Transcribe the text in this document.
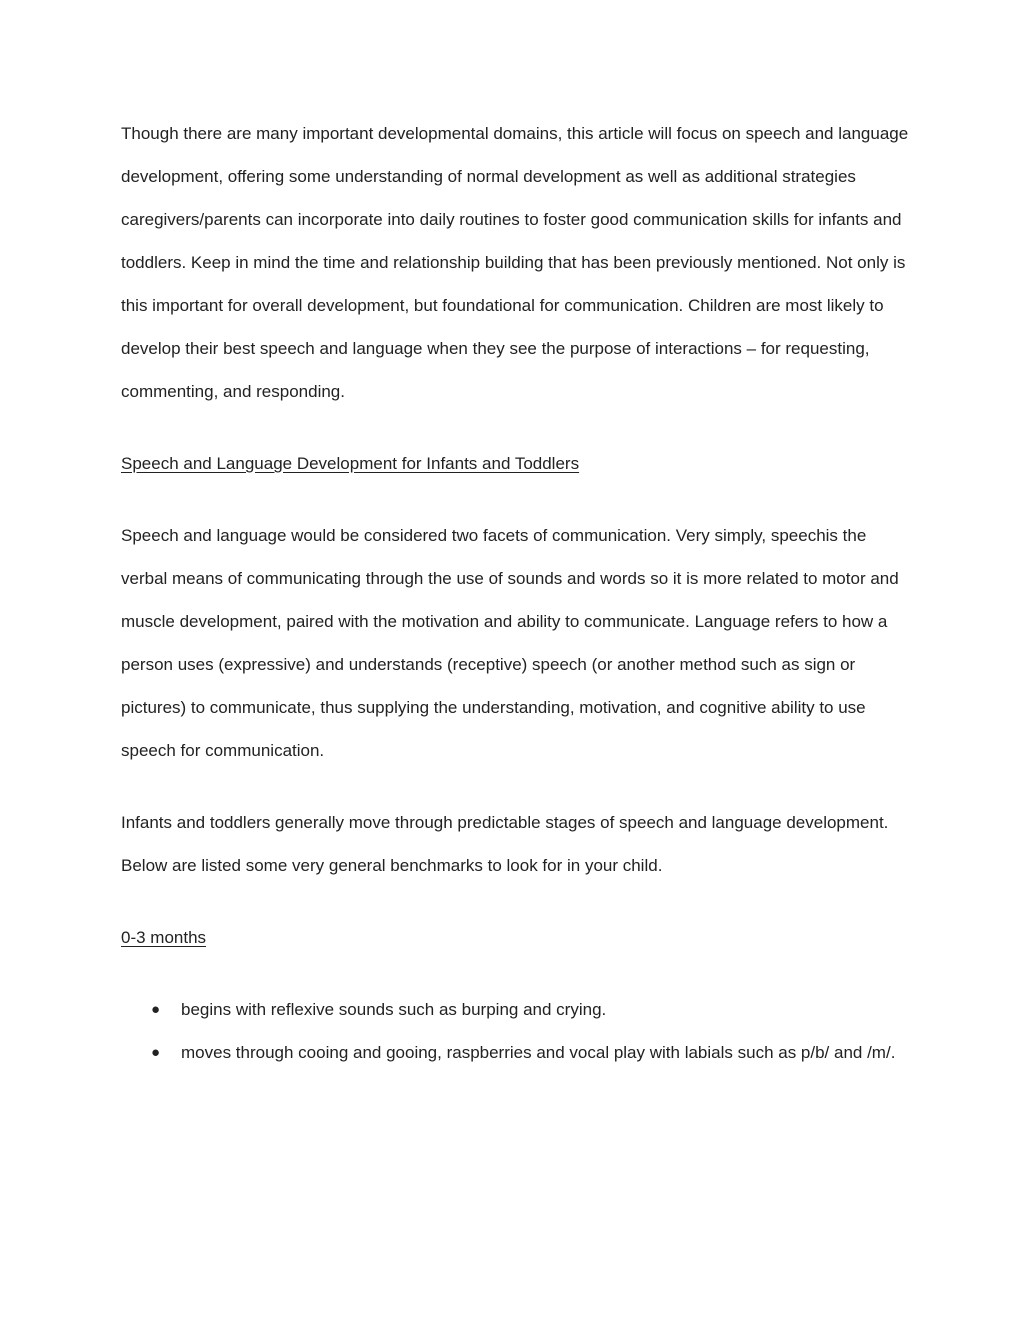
Though there are many important developmental domains, this article will focus on speech and language development, offering some understanding of normal development as well as additional strategies caregivers/parents can incorporate into daily routines to foster good communication skills for infants and toddlers. Keep in mind the time and relationship building that has been previously mentioned. Not only is this important for overall development, but foundational for communication. Children are most likely to develop their best speech and language when they see the purpose of interactions – for requesting, commenting, and responding.

Speech and Language Development for Infants and Toddlers

Speech and language would be considered two facets of communication. Very simply, speechis the verbal means of communicating through the use of sounds and words so it is more related to motor and muscle development, paired with the motivation and ability to communicate. Language refers to how a person uses (expressive) and understands (receptive) speech (or another method such as sign or pictures) to communicate, thus supplying the understanding, motivation, and cognitive ability to use speech for communication.

Infants and toddlers generally move through predictable stages of speech and language development. Below are listed some very general benchmarks to look for in your child.

0-3 months

● begins with reflexive sounds such as burping and crying.
● moves through cooing and gooing, raspberries and vocal play with labials such as p/b/ and /m/.
